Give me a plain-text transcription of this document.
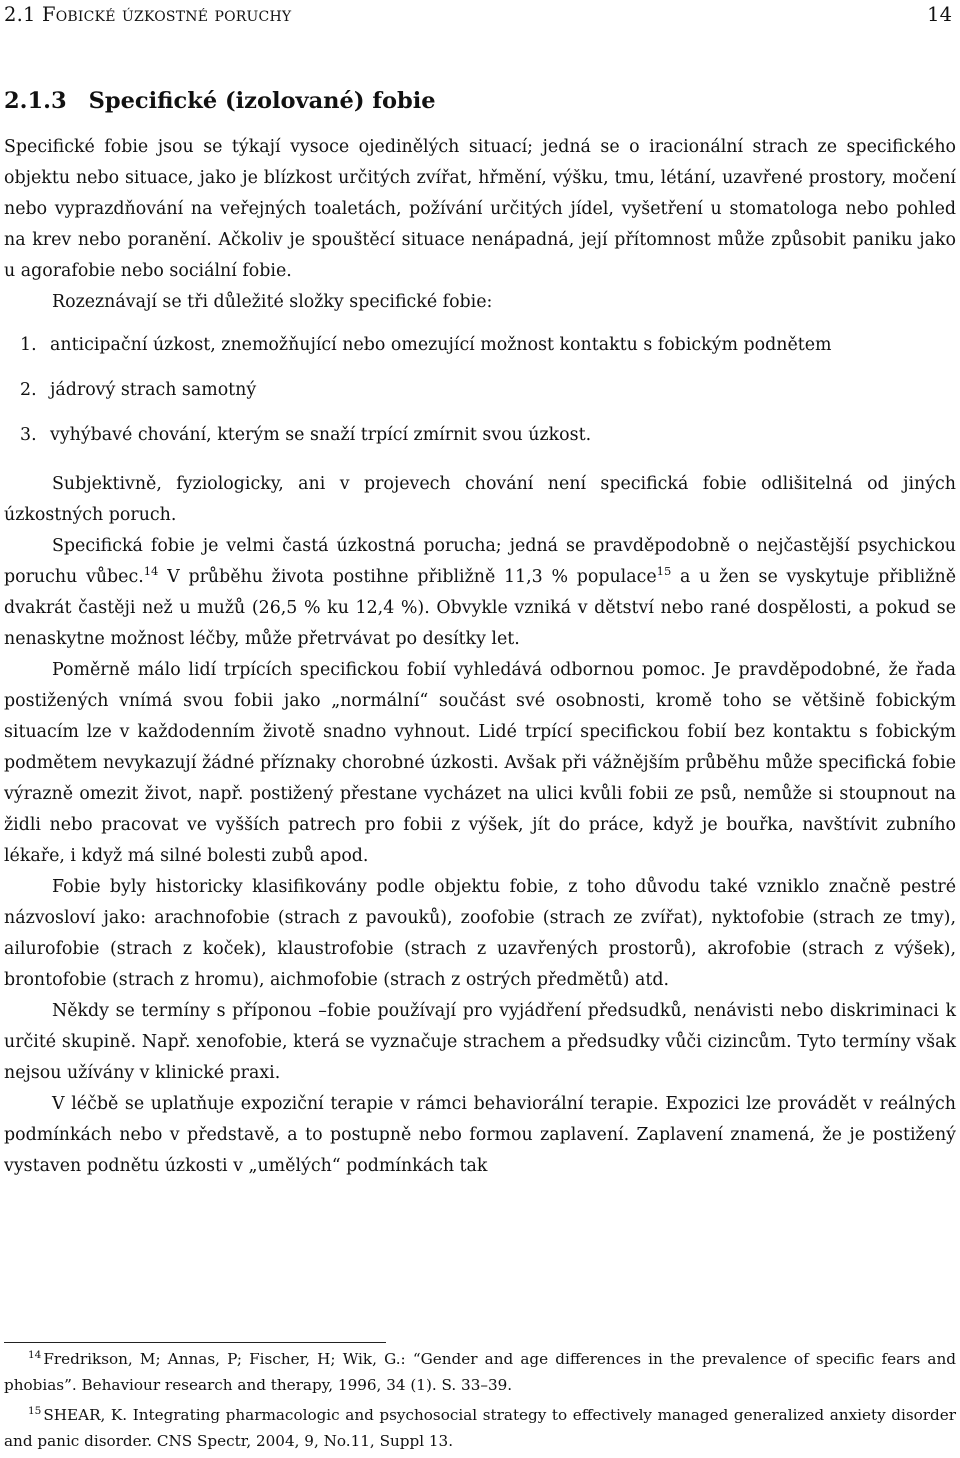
2.1 Fobické úzkostné poruchy	14
2.1.3 Specifické (izolované) fobie

Specifické fobie jsou se týkají vysoce ojedinělých situací; jedná se o iracionální strach ze specifického objektu nebo situace, jako je blízkost určitých zvířat, hřmění, výšku, tmu, létání, uzavřené prostory, močení nebo vyprazdňování na veřejných toaletách, požívání určitých jídel, vyšetření u stomatologa nebo pohled na krev nebo poranění. Ačkoliv je spouštěcí situace nenápadná, její přítomnost může způsobit paniku jako u agorafobie nebo sociální fobie.

Rozeznávají se tři důležité složky specifické fobie:

1. anticipační úzkost, znemožňující nebo omezující možnost kontaktu s fobickým podnětem
2. jádrový strach samotný
3. vyhýbavé chování, kterým se snaží trpící zmírnit svou úzkost.

Subjektivně, fyziologicky, ani v projevech chování není specifická fobie odlišitelná od jiných úzkostných poruch.

Specifická fobie je velmi častá úzkostná porucha; jedná se pravděpodobně o nejčastější psychickou poruchu vůbec.$^{14}$ V průběhu života postihne přibližně 11,3 % populace$^{15}$ a u žen se vyskytuje přibližně dvakrát častěji než u mužů (26,5 % ku 12,4 %). Obvykle vzniká v dětství nebo rané dospělosti, a pokud se nenaskytne možnost léčby, může přetrvávat po desítky let.

Poměrně málo lidí trpících specifickou fobií vyhledává odbornou pomoc. Je pravděpodobné, že řada postižených vnímá svou fobii jako „normální“ součást své osobnosti, kromě toho se většině fobickým situacím lze v každodenním životě snadno vyhnout. Lidé trpící specifickou fobií bez kontaktu s fobickým podmětem nevykazují žádné příznaky chorobné úzkosti. Avšak při vážnějším průběhu může specifická fobie výrazně omezit život, např. postižený přestane vycházet na ulici kvůli fobii ze psů, nemůže si stoupnout na židli nebo pracovat ve vyšších patrech pro fobii z výšek, jít do práce, když je bouřka, navštívit zubního lékaře, i když má silné bolesti zubů apod.

Fobie byly historicky klasifikovány podle objektu fobie, z toho důvodu také vzniklo značně pestré názvosloví jako: arachnofobie (strach z pavouků), zoofobie (strach ze zvířat), nyktofobie (strach ze tmy), ailurofobie (strach z koček), klaustrofobie (strach z uzavřených prostorů), akrofobie (strach z výšek), brontofobie (strach z hromu), aichmofobie (strach z ostrých předmětů) atd.

Někdy se termíny s příponou –fobie používají pro vyjádření předsudků, nenávisti nebo diskriminaci k určité skupině. Např. xenofobie, která se vyznačuje strachem a předsudky vůči cizincům. Tyto termíny však nejsou užívány v klinické praxi.

V léčbě se uplatňuje expoziční terapie v rámci behaviorální terapie. Expozici lze provádět v reálných podmínkách nebo v představě, a to postupně nebo formou zaplavení. Zaplavení znamená, že je postižený vystaven podnětu úzkosti v „umělých“ podmínkách tak

$^{14}$ Fredrikson, M; Annas, P; Fischer, H; Wik, G.: “Gender and age differences in the prevalence of specific fears and phobias”. Behaviour research and therapy, 1996, 34 (1). S. 33–39.

$^{15}$ SHEAR, K. Integrating pharmacologic and psychosocial strategy to effectively managed generalized anxiety disorder and panic disorder. CNS Spectr, 2004, 9, No.11, Suppl 13.
